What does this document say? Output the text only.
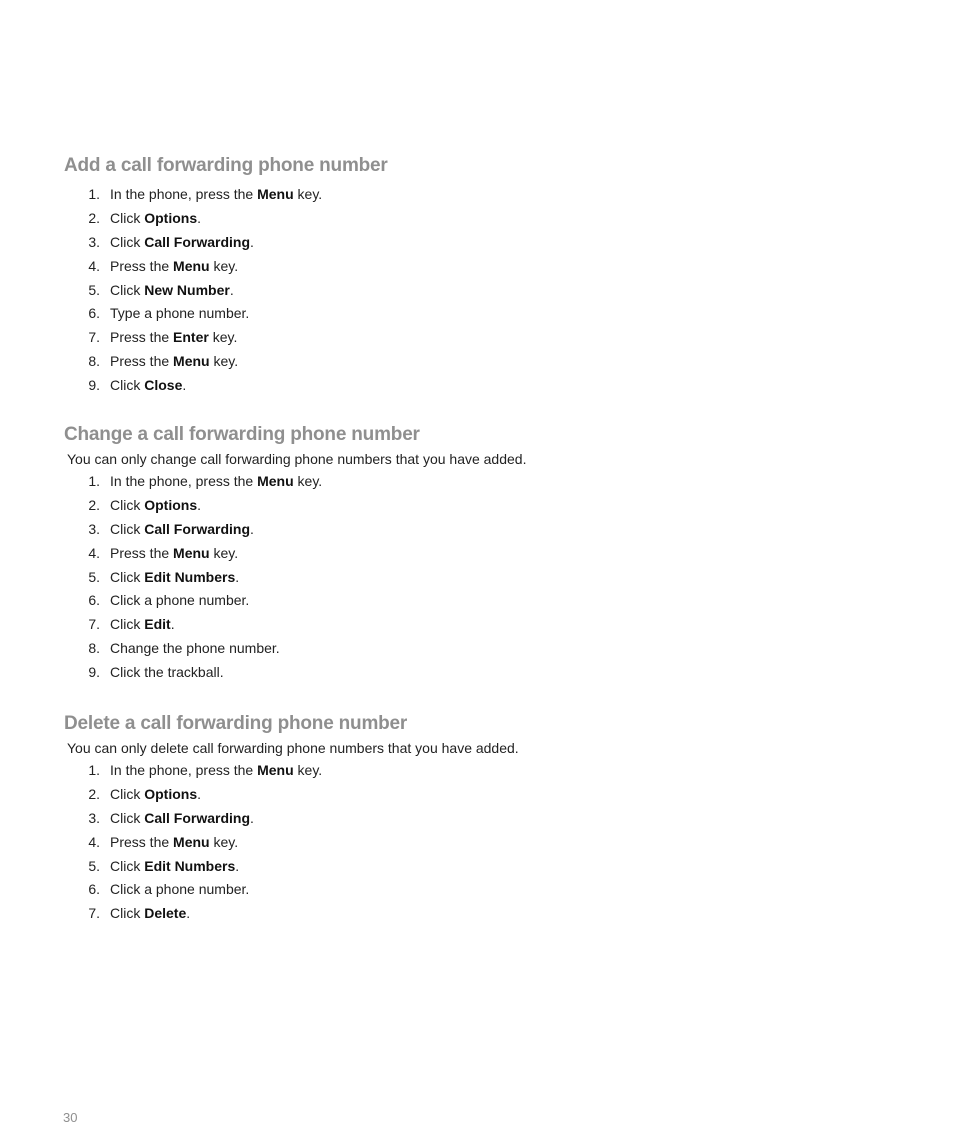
Add a call forwarding phone number
1. In the phone, press the Menu key.
2. Click Options.
3. Click Call Forwarding.
4. Press the Menu key.
5. Click New Number.
6. Type a phone number.
7. Press the Enter key.
8. Press the Menu key.
9. Click Close.
Change a call forwarding phone number

You can only change call forwarding phone numbers that you have added.

1. In the phone, press the Menu key.
2. Click Options.
3. Click Call Forwarding.
4. Press the Menu key.
5. Click Edit Numbers.
6. Click a phone number.
7. Click Edit.
8. Change the phone number.
9. Click the trackball.
Delete a call forwarding phone number

You can only delete call forwarding phone numbers that you have added.

1. In the phone, press the Menu key.
2. Click Options.
3. Click Call Forwarding.
4. Press the Menu key.
5. Click Edit Numbers.
6. Click a phone number.
7. Click Delete.
30
